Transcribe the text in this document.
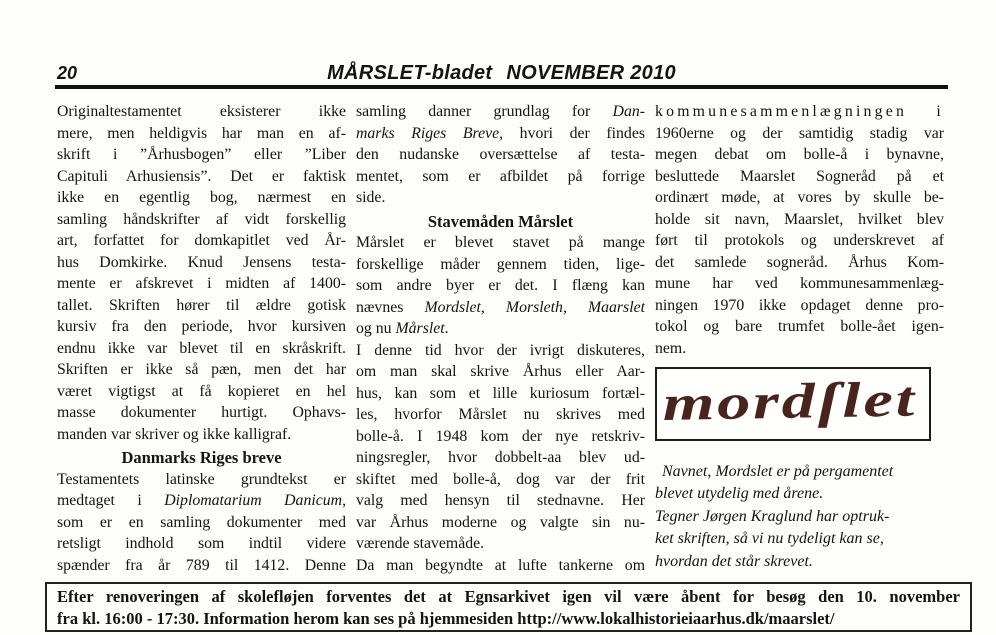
20	MÅRSLET-bladet NOVEMBER 2010
Originaltestamentet eksisterer ikke
mere, men heldigvis har man en af-
skrift i ”Århusbogen” eller ”Liber
Capituli Arhusiensis”. Det er faktisk
ikke en egentlig bog, nærmest en
samling håndskrifter af vidt forskellig
art, forfattet for domkapitlet ved År-
hus Domkirke. Knud Jensens testa-
mente er afskrevet i midten af 1400-
tallet. Skriften hører til ældre gotisk
kursiv fra den periode, hvor kursiven
endnu ikke var blevet til en skråskrift.
Skriften er ikke så pæn, men det har
været vigtigst at få kopieret en hel
masse dokumenter hurtigt. Ophavs-
manden var skriver og ikke kalligraf.
Danmarks Riges breve
Testamentets latinske grundtekst er
medtaget i Diplomatarium Danicum,
som er en samling dokumenter med
retsligt indhold som indtil videre
spænder fra år 789 til 1412. Denne
samling danner grundlag for Dan-
marks Riges Breve, hvori der findes
den nudanske oversættelse af testa-
mentet, som er afbildet på forrige
side.
Stavemåden Mårslet
Mårslet er blevet stavet på mange
forskellige måder gennem tiden, lige-
som andre byer er det. I flæng kan
nævnes Mordslet, Morsleth, Maarslet
og nu Mårslet.
I denne tid hvor der ivrigt diskuteres,
om man skal skrive Århus eller Aar-
hus, kan som et lille kuriosum fortæl-
les, hvorfor Mårslet nu skrives med
bolle-å. I 1948 kom der nye retskriv-
ningsregler, hvor dobbelt-aa blev ud-
skiftet med bolle-å, dog var der frit
valg med hensyn til stednavne. Her
var Århus moderne og valgte sin nu-
værende stavemåde.
Da man begyndte at lufte tankerne om
kommunesammenlægningen i
1960erne og der samtidig stadig var
megen debat om bolle-å i bynavne,
besluttede Maarslet Sogneråd på et
ordinært møde, at vores by skulle be-
holde sit navn, Maarslet, hvilket blev
ført til protokols og underskrevet af
det samlede sogneråd. Århus Kom-
mune har ved kommunesammenlæg-
ningen 1970 ikke opdaget denne pro-
tokol og bare trumfet bolle-ået igen-
nem.
mordſlet
Navnet, Mordslet er på pergamentet
blevet utydelig med årene.
Tegner Jørgen Kraglund har optruk-
ket skriften, så vi nu tydeligt kan se,
hvordan det står skrevet.
Efter renoveringen af skolefløjen forventes det at Egnsarkivet igen vil være åbent for besøg den 10. november
fra kl. 16:00 - 17:30. Information herom kan ses på hjemmesiden http://www.lokalhistorieiaarhus.dk/maarslet/
